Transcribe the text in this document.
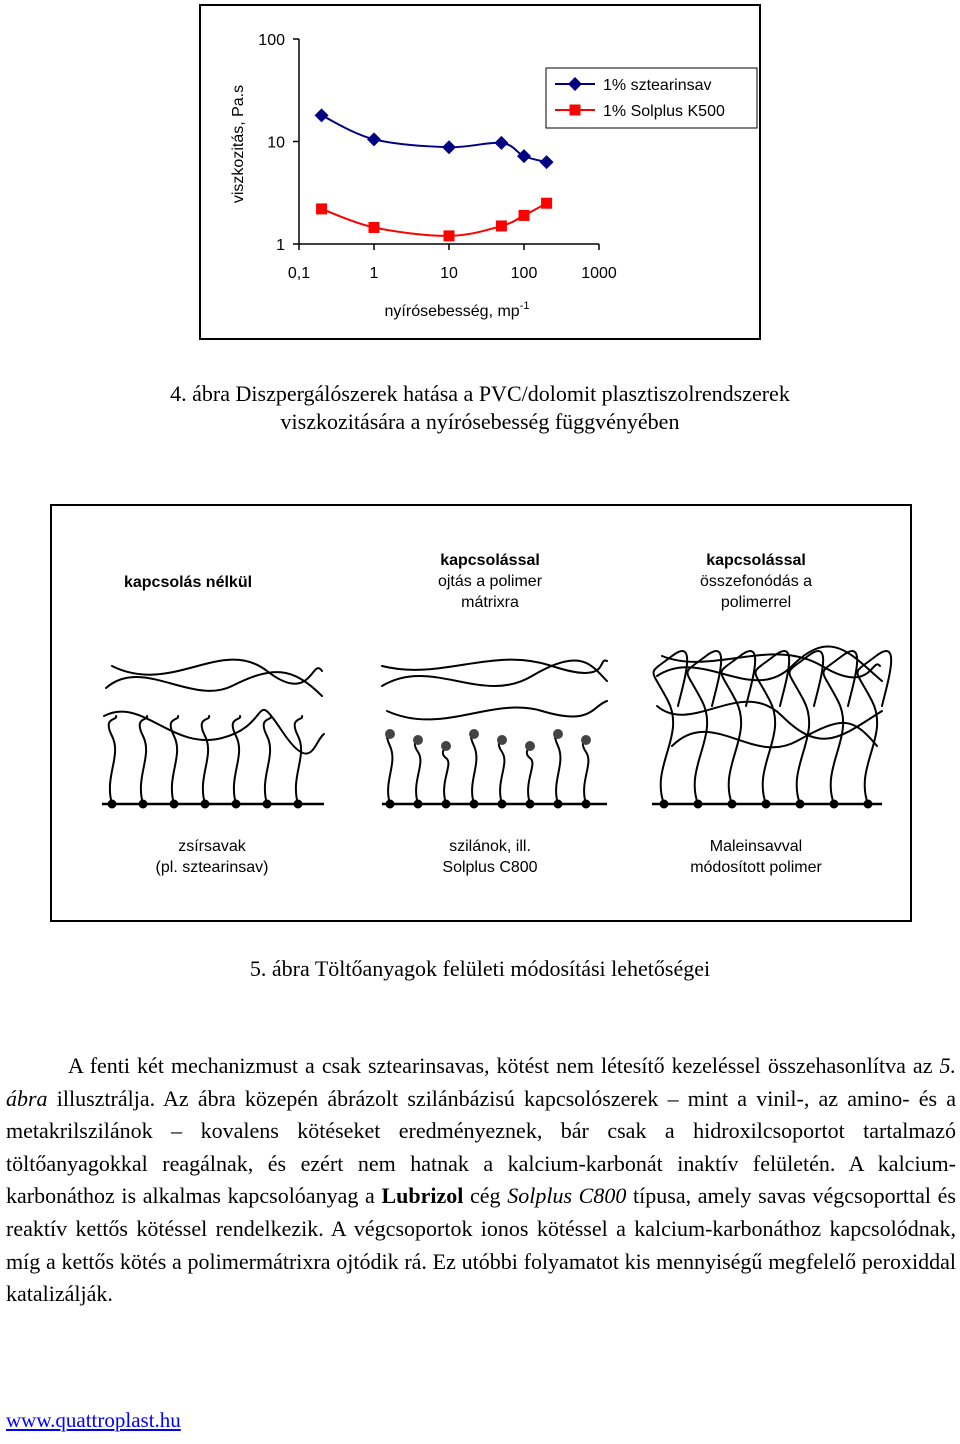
0,1	1	10	100	1000
1
10
100
nyírósebesség, $mp^{-1}$
viszkozitás, Pa.s	1% sztearinsav
1% Solplus K500
4. ábra Diszpergálószerek hatása a PVC/dolomit plasztiszolrendszerek
viszkozitására a nyírósebesség függvényében
kapcsolás nélkül
kapcsolással
ojtás a polimer
mátrixra
kapcsolással
összefonódás a
polimerrel
zsírsavak
(pl. sztearinsav)
szilánok, ill.
Solplus C800
Maleinsavval
módosított polimer
5. ábra Töltőanyagok felületi módosítási lehetőségei

A fenti két mechanizmust a csak sztearinsavas, kötést nem létesítő kezeléssel összehasonlítva az 5. ábra illusztrálja. Az ábra közepén ábrázolt szilánbázisú kapcsolószerek – mint a vinil-, az amino- és a metakrilszilánok – kovalens kötéseket eredményeznek, bár csak a hidroxilcsoportot tartalmazó töltőanyagokkal reagálnak, és ezért nem hatnak a kalcium-karbonát inaktív felületén. A kalcium-karbonáthoz is alkalmas kapcsolóanyag a Lubrizol cég Solplus C800 típusa, amely savas végcsoporttal és reaktív kettős kötéssel rendelkezik. A végcsoportok ionos kötéssel a kalcium-karbonáthoz kapcsolódnak, míg a kettős kötés a polimermátrixra ojtódik rá. Ez utóbbi folyamatot kis mennyiségű megfelelő peroxiddal katalizálják.

www.quattroplast.hu
